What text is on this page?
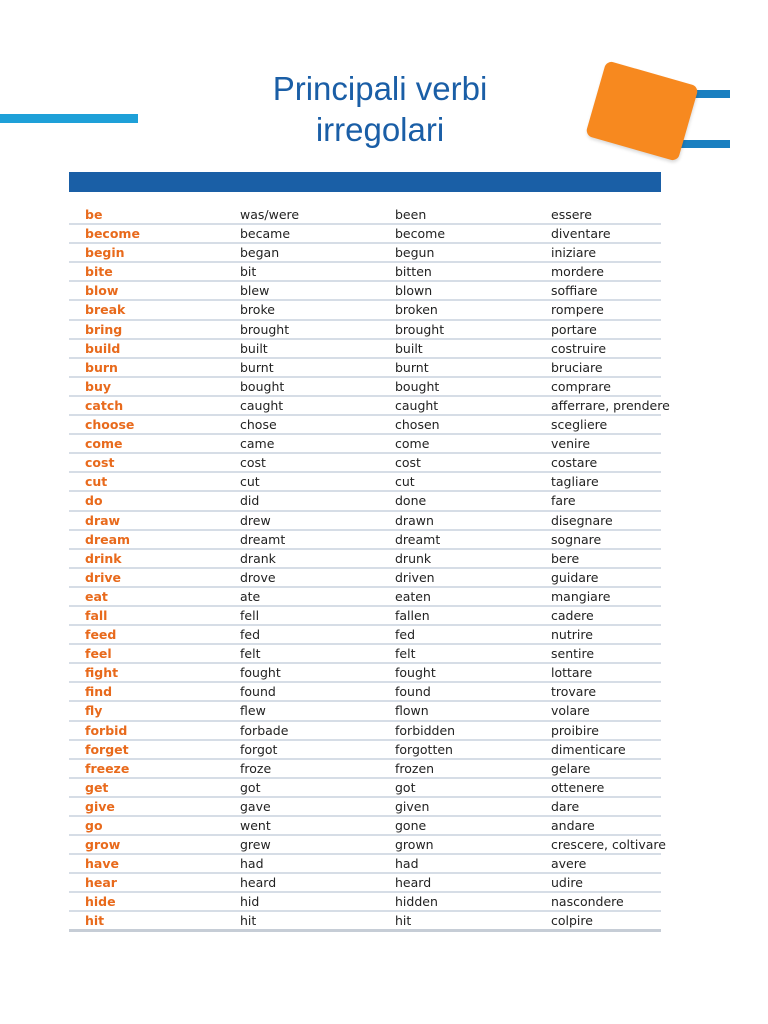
Principali verbi
irregolari
be	was/were	been	essere
become	became	become	diventare
begin	began	begun	iniziare
bite	bit	bitten	mordere
blow	blew	blown	soffiare
break	broke	broken	rompere
bring	brought	brought	portare
build	built	built	costruire
burn	burnt	burnt	bruciare
buy	bought	bought	comprare
catch	caught	caught	afferrare, prendere
choose	chose	chosen	scegliere
come	came	come	venire
cost	cost	cost	costare
cut	cut	cut	tagliare
do	did	done	fare
draw	drew	drawn	disegnare
dream	dreamt	dreamt	sognare
drink	drank	drunk	bere
drive	drove	driven	guidare
eat	ate	eaten	mangiare
fall	fell	fallen	cadere
feed	fed	fed	nutrire
feel	felt	felt	sentire
fight	fought	fought	lottare
find	found	found	trovare
fly	flew	flown	volare
forbid	forbade	forbidden	proibire
forget	forgot	forgotten	dimenticare
freeze	froze	frozen	gelare
get	got	got	ottenere
give	gave	given	dare
go	went	gone	andare
grow	grew	grown	crescere, coltivare
have	had	had	avere
hear	heard	heard	udire
hide	hid	hidden	nascondere
hit	hit	hit	colpire
